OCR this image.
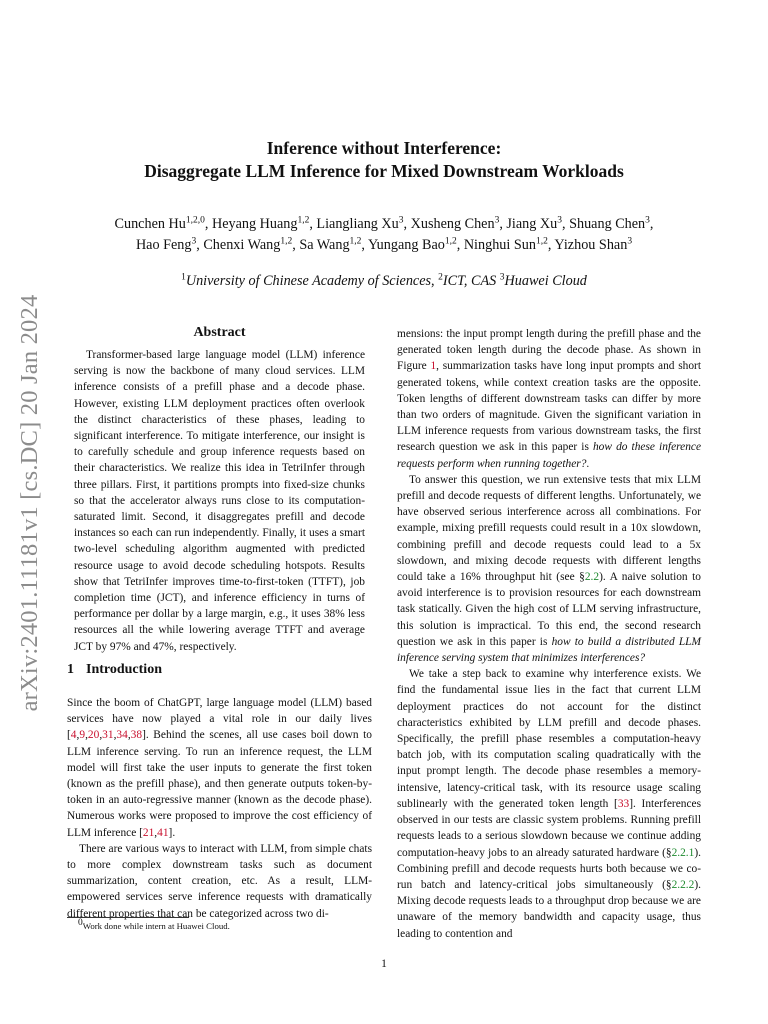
arXiv:2401.11181v1 [cs.DC] 20 Jan 2024
Inference without Interference:
Disaggregate LLM Inference for Mixed Downstream Workloads
Cunchen Hu$^{1,2,0}$, Heyang Huang$^{1,2}$, Liangliang Xu$^3$, Xusheng Chen$^3$, Jiang Xu$^3$, Shuang Chen$^3$,
Hao Feng$^3$, Chenxi Wang$^{1,2}$, Sa Wang$^{1,2}$, Yungang Bao$^{1,2}$, Ninghui Sun$^{1,2}$, Yizhou Shan$^3$
$^1$University of Chinese Academy of Sciences, $^2$ICT, CAS $^3$Huawei Cloud
Abstract

Transformer-based large language model (LLM) inference serving is now the backbone of many cloud services. LLM inference consists of a prefill phase and a decode phase. However, existing LLM deployment practices often overlook the distinct characteristics of these phases, leading to significant interference. To mitigate interference, our insight is to carefully schedule and group inference requests based on their characteristics. We realize this idea in TetriInfer through three pillars. First, it partitions prompts into fixed-size chunks so that the accelerator always runs close to its computation-saturated limit. Second, it disaggregates prefill and decode instances so each can run independently. Finally, it uses a smart two-level scheduling algorithm augmented with predicted resource usage to avoid decode scheduling hotspots. Results show that TetriInfer improves time-to-first-token (TTFT), job completion time (JCT), and inference efficiency in turns of performance per dollar by a large margin, e.g., it uses 38% less resources all the while lowering average TTFT and average JCT by 97% and 47%, respectively.

1 Introduction

Since the boom of ChatGPT, large language model (LLM) based services have now played a vital role in our daily lives [4,9,20,31,34,38]. Behind the scenes, all use cases boil down to LLM inference serving. To run an inference request, the LLM model will first take the user inputs to generate the first token (known as the prefill phase), and then generate outputs token-by-token in an auto-regressive manner (known as the decode phase). Numerous works were proposed to improve the cost efficiency of LLM inference [21,41].

There are various ways to interact with LLM, from simple chats to more complex downstream tasks such as document summarization, content creation, etc. As a result, LLM-empowered services serve inference requests with dramatically different properties that can be categorized across two di-

mensions: the input prompt length during the prefill phase and the generated token length during the decode phase. As shown in Figure 1, summarization tasks have long input prompts and short generated tokens, while context creation tasks are the opposite. Token lengths of different downstream tasks can differ by more than two orders of magnitude. Given the significant variation in LLM inference requests from various downstream tasks, the first research question we ask in this paper is how do these inference requests perform when running together?.

To answer this question, we run extensive tests that mix LLM prefill and decode requests of different lengths. Unfortunately, we have observed serious interference across all combinations. For example, mixing prefill requests could result in a 10x slowdown, combining prefill and decode requests could lead to a 5x slowdown, and mixing decode requests with different lengths could take a 16% throughput hit (see §2.2). A naive solution to avoid interference is to provision resources for each downstream task statically. Given the high cost of LLM serving infrastructure, this solution is impractical. To this end, the second research question we ask in this paper is how to build a distributed LLM inference serving system that minimizes interferences?

We take a step back to examine why interference exists. We find the fundamental issue lies in the fact that current LLM deployment practices do not account for the distinct characteristics exhibited by LLM prefill and decode phases. Specifically, the prefill phase resembles a computation-heavy batch job, with its computation scaling quadratically with the input prompt length. The decode phase resembles a memory-intensive, latency-critical task, with its resource usage scaling sublinearly with the generated token length [33]. Interferences observed in our tests are classic system problems. Running prefill requests leads to a serious slowdown because we continue adding computation-heavy jobs to an already saturated hardware (§2.2.1). Combining prefill and decode requests hurts both because we co-run batch and latency-critical jobs simultaneously (§2.2.2). Mixing decode requests leads to a throughput drop because we are unaware of the memory bandwidth and capacity usage, thus leading to contention and

$^0$Work done while intern at Huawei Cloud.
1
